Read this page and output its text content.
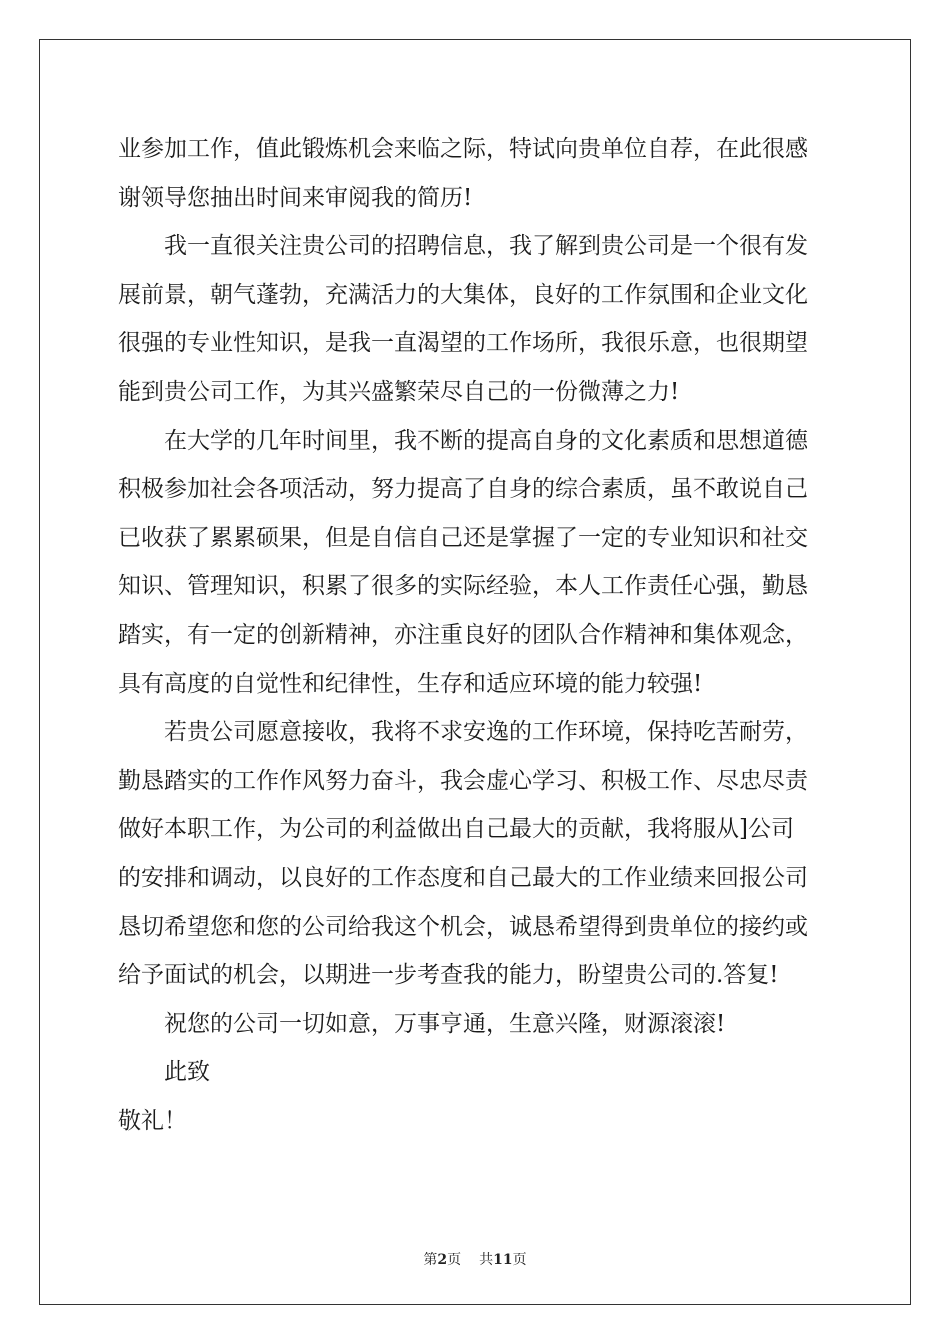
业参加工作，值此锻炼机会来临之际，特试向贵单位自荐，在此很感
谢领导您抽出时间来审阅我的简历!
我一直很关注贵公司的招聘信息，我了解到贵公司是一个很有发
展前景，朝气蓬勃，充满活力的大集体，良好的工作氛围和企业文化
很强的专业性知识，是我一直渴望的工作场所，我很乐意，也很期望
能到贵公司工作，为其兴盛繁荣尽自己的一份微薄之力!
在大学的几年时间里，我不断的提高自身的文化素质和思想道德
积极参加社会各项活动，努力提高了自身的综合素质，虽不敢说自己
已收获了累累硕果，但是自信自己还是掌握了一定的专业知识和社交
知识、管理知识，积累了很多的实际经验，本人工作责任心强，勤恳
踏实，有一定的创新精神，亦注重良好的团队合作精神和集体观念，
具有高度的自觉性和纪律性，生存和适应环境的能力较强!
若贵公司愿意接收，我将不求安逸的工作环境，保持吃苦耐劳，
勤恳踏实的工作作风努力奋斗，我会虚心学习、积极工作、尽忠尽责
做好本职工作，为公司的利益做出自己最大的贡献，我将服从]公司
的安排和调动，以良好的工作态度和自己最大的工作业绩来回报公司
恳切希望您和您的公司给我这个机会，诚恳希望得到贵单位的接约或
给予面试的机会，以期进一步考查我的能力，盼望贵公司的.答复!
祝您的公司一切如意，万事亨通，生意兴隆，财源滚滚!
此致
敬礼！
第2页 共11页
